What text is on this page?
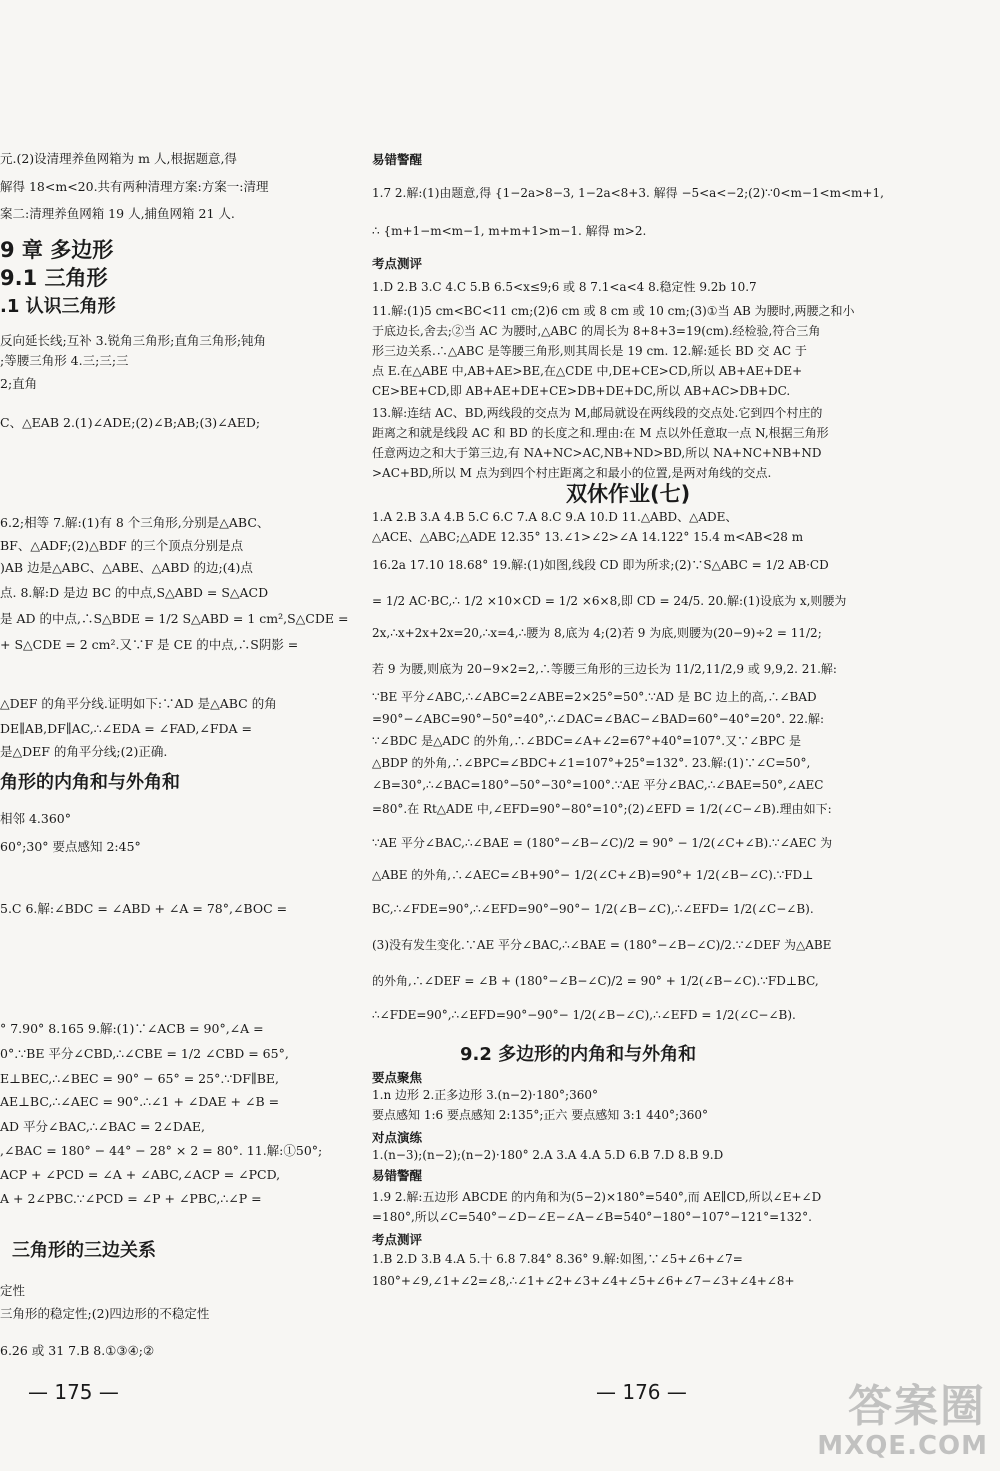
元.(2)设清理养鱼网箱为 m 人,根据题意,得
解得 18<m<20.共有两种清理方案:方案一:清理
案二:清理养鱼网箱 19 人,捕鱼网箱 21 人.
9 章 多边形
9.1 三角形
.1 认识三角形
反向延长线;互补 3.锐角三角形;直角三角形;钝角
;等腰三角形 4.三;三;三
2;直角
C、△EAB 2.(1)∠ADE;(2)∠B;AB;(3)∠AED;
6.2;相等 7.解:(1)有 8 个三角形,分别是△ABC、
BF、△ADF;(2)△BDF 的三个顶点分别是点
)AB 边是△ABC、△ABE、△ABD 的边;(4)点
点. 8.解:D 是边 BC 的中点,S△ABD = S△ACD
是 AD 的中点,∴S△BDE = 1/2 S△ABD = 1 cm²,S△CDE =
+ S△CDE = 2 cm².又∵F 是 CE 的中点,∴S阴影 =
△DEF 的角平分线.证明如下:∵AD 是△ABC 的角
DE∥AB,DF∥AC,∴∠EDA = ∠FAD,∠FDA =
是△DEF 的角平分线;(2)正确.
角形的内角和与外角和
相邻 4.360°
60°;30° 要点感知 2:45°
5.C 6.解:∠BDC = ∠ABD + ∠A = 78°,∠BOC =
° 7.90° 8.165 9.解:(1)∵∠ACB = 90°,∠A =
0°.∵BE 平分∠CBD,∴∠CBE = 1/2 ∠CBD = 65°,
E⊥BEC,∴∠BEC = 90° − 65° = 25°.∵DF∥BE,
AE⊥BC,∴∠AEC = 90°.∴∠1 + ∠DAE + ∠B =
AD 平分∠BAC,∴∠BAC = 2∠DAE,
,∠BAC = 180° − 44° − 28° × 2 = 80°. 11.解:①50°;
ACP + ∠PCD = ∠A + ∠ABC,∠ACP = ∠PCD,
A + 2∠PBC.∵∠PCD = ∠P + ∠PBC,∴∠P =
三角形的三边关系
定性
三角形的稳定性;(2)四边形的不稳定性
6.26 或 31 7.B 8.①③④;②
— 175 —
易错警醒
1.7 2.解:(1)由题意,得 {1−2a>8−3, 1−2a<8+3. 解得 −5<a<−2;(2)∵0<m−1<m<m+1,
∴ {m+1−m<m−1, m+m+1>m−1. 解得 m>2.
考点测评
1.D 2.B 3.C 4.C 5.B 6.5<x≤9;6 或 8 7.1<a<4 8.稳定性 9.2b 10.7
11.解:(1)5 cm<BC<11 cm;(2)6 cm 或 8 cm 或 10 cm;(3)①当 AB 为腰时,两腰之和小
于底边长,舍去;②当 AC 为腰时,△ABC 的周长为 8+8+3=19(cm).经检验,符合三角
形三边关系.∴△ABC 是等腰三角形,则其周长是 19 cm. 12.解:延长 BD 交 AC 于
点 E.在△ABE 中,AB+AE>BE,在△CDE 中,DE+CE>CD,所以 AB+AE+DE+
CE>BE+CD,即 AB+AE+DE+CE>DB+DE+DC,所以 AB+AC>DB+DC.
13.解:连结 AC、BD,两线段的交点为 M,邮局就设在两线段的交点处.它到四个村庄的
距离之和就是线段 AC 和 BD 的长度之和.理由:在 M 点以外任意取一点 N,根据三角形
任意两边之和大于第三边,有 NA+NC>AC,NB+ND>BD,所以 NA+NC+NB+ND
>AC+BD,所以 M 点为到四个村庄距离之和最小的位置,是两对角线的交点.
双休作业(七)
1.A 2.B 3.A 4.B 5.C 6.C 7.A 8.C 9.A 10.D 11.△ABD、△ADE、
△ACE、△ABC;△ADE 12.35° 13.∠1>∠2>∠A 14.122° 15.4 m<AB<28 m
16.2a 17.10 18.68° 19.解:(1)如图,线段 CD 即为所求;(2)∵S△ABC = 1/2 AB·CD
= 1/2 AC·BC,∴ 1/2 ×10×CD = 1/2 ×6×8,即 CD = 24/5. 20.解:(1)设底为 x,则腰为
2x,∴x+2x+2x=20,∴x=4,∴腰为 8,底为 4;(2)若 9 为底,则腰为(20−9)÷2 = 11/2;
若 9 为腰,则底为 20−9×2=2,∴等腰三角形的三边长为 11/2,11/2,9 或 9,9,2. 21.解:
∵BE 平分∠ABC,∴∠ABC=2∠ABE=2×25°=50°.∵AD 是 BC 边上的高,∴∠BAD
=90°−∠ABC=90°−50°=40°,∴∠DAC=∠BAC−∠BAD=60°−40°=20°. 22.解:
∵∠BDC 是△ADC 的外角,∴∠BDC=∠A+∠2=67°+40°=107°.又∵∠BPC 是
△BDP 的外角,∴∠BPC=∠BDC+∠1=107°+25°=132°. 23.解:(1)∵∠C=50°,
∠B=30°,∴∠BAC=180°−50°−30°=100°.∵AE 平分∠BAC,∴∠BAE=50°,∠AEC
=80°.在 Rt△ADE 中,∠EFD=90°−80°=10°;(2)∠EFD = 1/2(∠C−∠B).理由如下:
∵AE 平分∠BAC,∴∠BAE = (180°−∠B−∠C)/2 = 90° − 1/2(∠C+∠B).∵∠AEC 为
△ABE 的外角,∴∠AEC=∠B+90°− 1/2(∠C+∠B)=90°+ 1/2(∠B−∠C).∵FD⊥
BC,∴∠FDE=90°,∴∠EFD=90°−90°− 1/2(∠B−∠C),∴∠EFD= 1/2(∠C−∠B).
(3)没有发生变化.∵AE 平分∠BAC,∴∠BAE = (180°−∠B−∠C)/2.∵∠DEF 为△ABE
的外角,∴∠DEF = ∠B + (180°−∠B−∠C)/2 = 90° + 1/2(∠B−∠C).∵FD⊥BC,
∴∠FDE=90°,∴∠EFD=90°−90°− 1/2(∠B−∠C),∴∠EFD = 1/2(∠C−∠B).
9.2 多边形的内角和与外角和
要点聚焦
1.n 边形 2.正多边形 3.(n−2)·180°;360°
要点感知 1:6 要点感知 2:135°;正六 要点感知 3:1 440°;360°
对点演练
1.(n−3);(n−2);(n−2)·180° 2.A 3.A 4.A 5.D 6.B 7.D 8.B 9.D
易错警醒
1.9 2.解:五边形 ABCDE 的内角和为(5−2)×180°=540°,而 AE∥CD,所以∠E+∠D
=180°,所以∠C=540°−∠D−∠E−∠A−∠B=540°−180°−107°−121°=132°.
考点测评
1.B 2.D 3.B 4.A 5.十 6.8 7.84° 8.36° 9.解:如图,∵∠5+∠6+∠7=
180°+∠9,∠1+∠2=∠8,∴∠1+∠2+∠3+∠4+∠5+∠6+∠7−∠3+∠4+∠8+
— 176 —	答案圈
MXQE.COM
